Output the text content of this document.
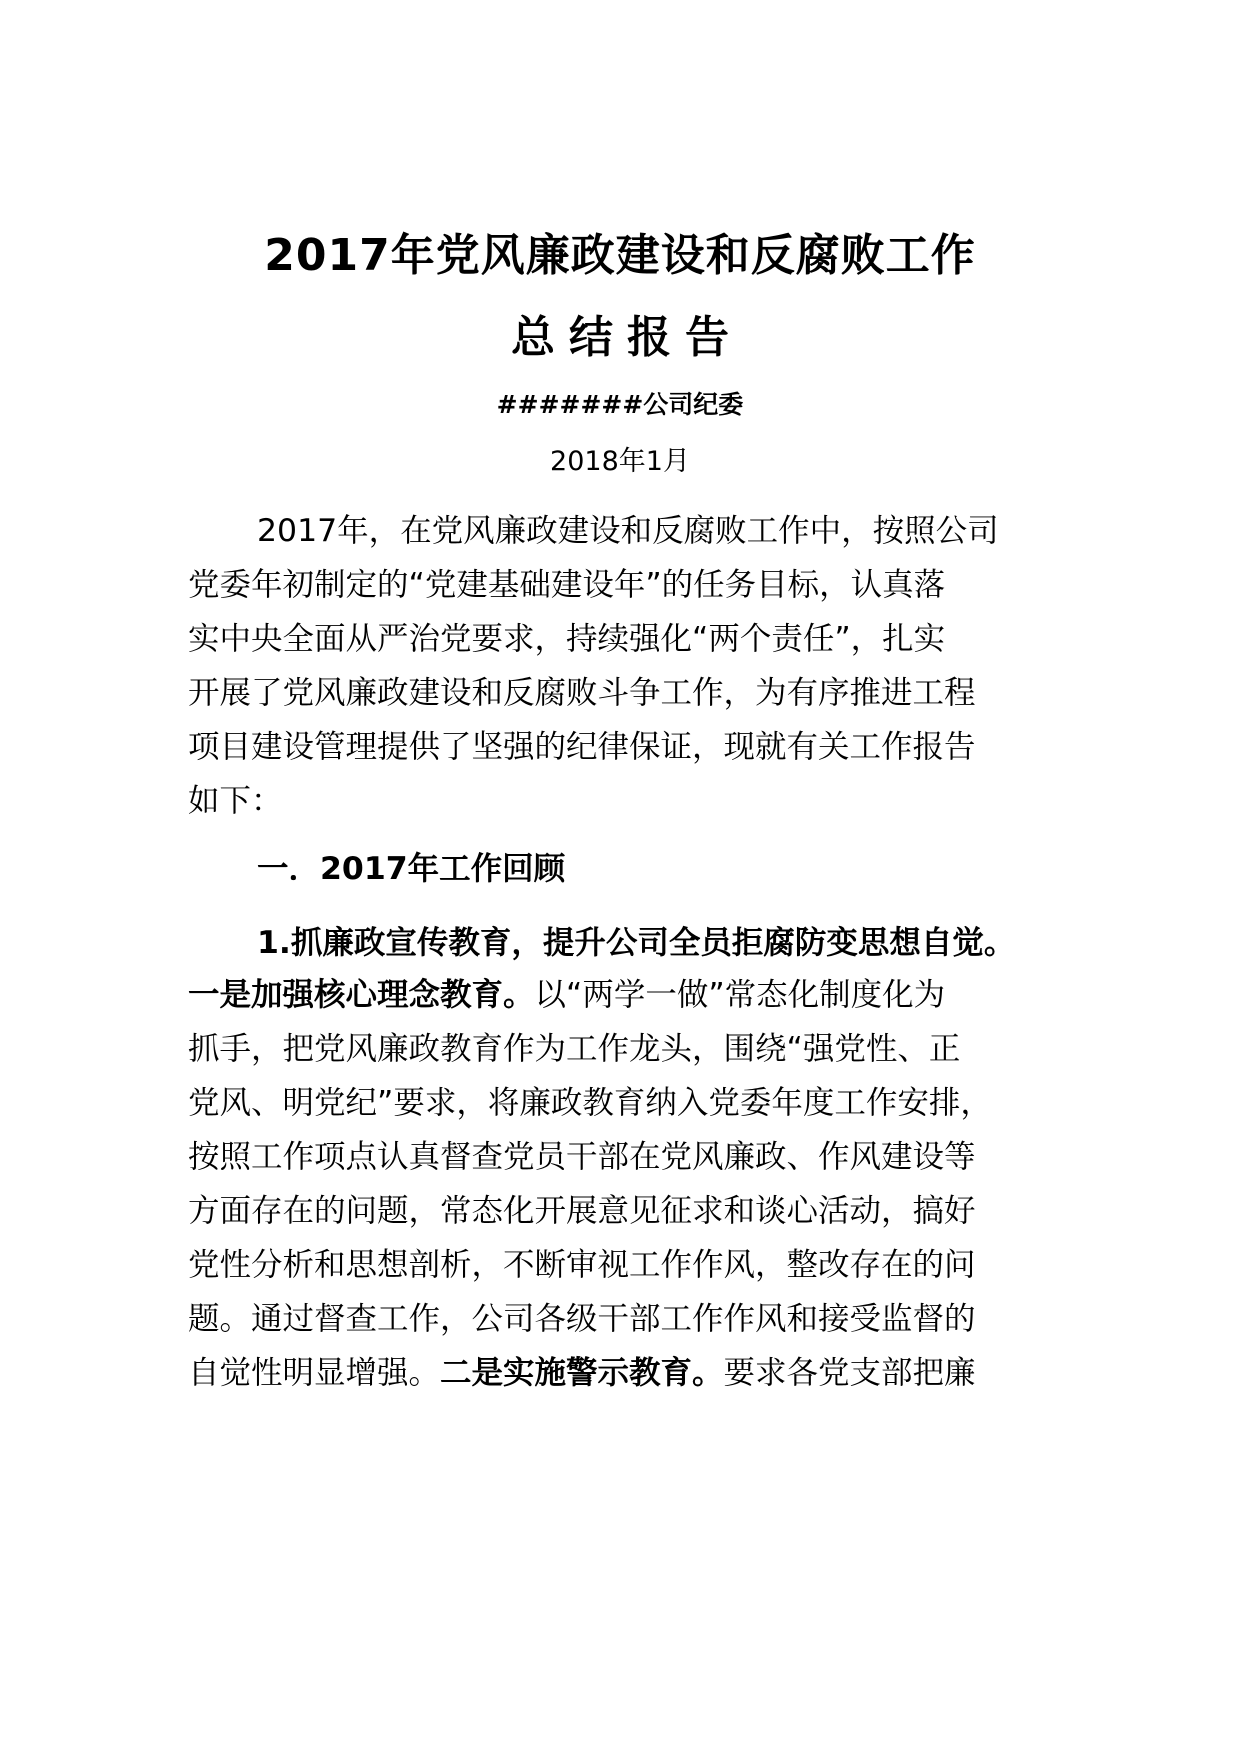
2017年党风廉政建设和反腐败工作
总结报告
#######公司纪委
2018年1月
2017年，在党风廉政建设和反腐败工作中，按照公司
党委年初制定的“党建基础建设年”的任务目标，认真落
实中央全面从严治党要求，持续强化“两个责任”，扎实
开展了党风廉政建设和反腐败斗争工作，为有序推进工程
项目建设管理提供了坚强的纪律保证，现就有关工作报告
如下：
一．2017年工作回顾
1.抓廉政宣传教育，提升公司全员拒腐防变思想自觉。
一是加强核心理念教育。以“两学一做”常态化制度化为
抓手，把党风廉政教育作为工作龙头，围绕“强党性、正
党风、明党纪”要求，将廉政教育纳入党委年度工作安排，
按照工作项点认真督查党员干部在党风廉政、作风建设等
方面存在的问题，常态化开展意见征求和谈心活动，搞好
党性分析和思想剖析，不断审视工作作风，整改存在的问
题。通过督查工作，公司各级干部工作作风和接受监督的
自觉性明显增强。二是实施警示教育。要求各党支部把廉
